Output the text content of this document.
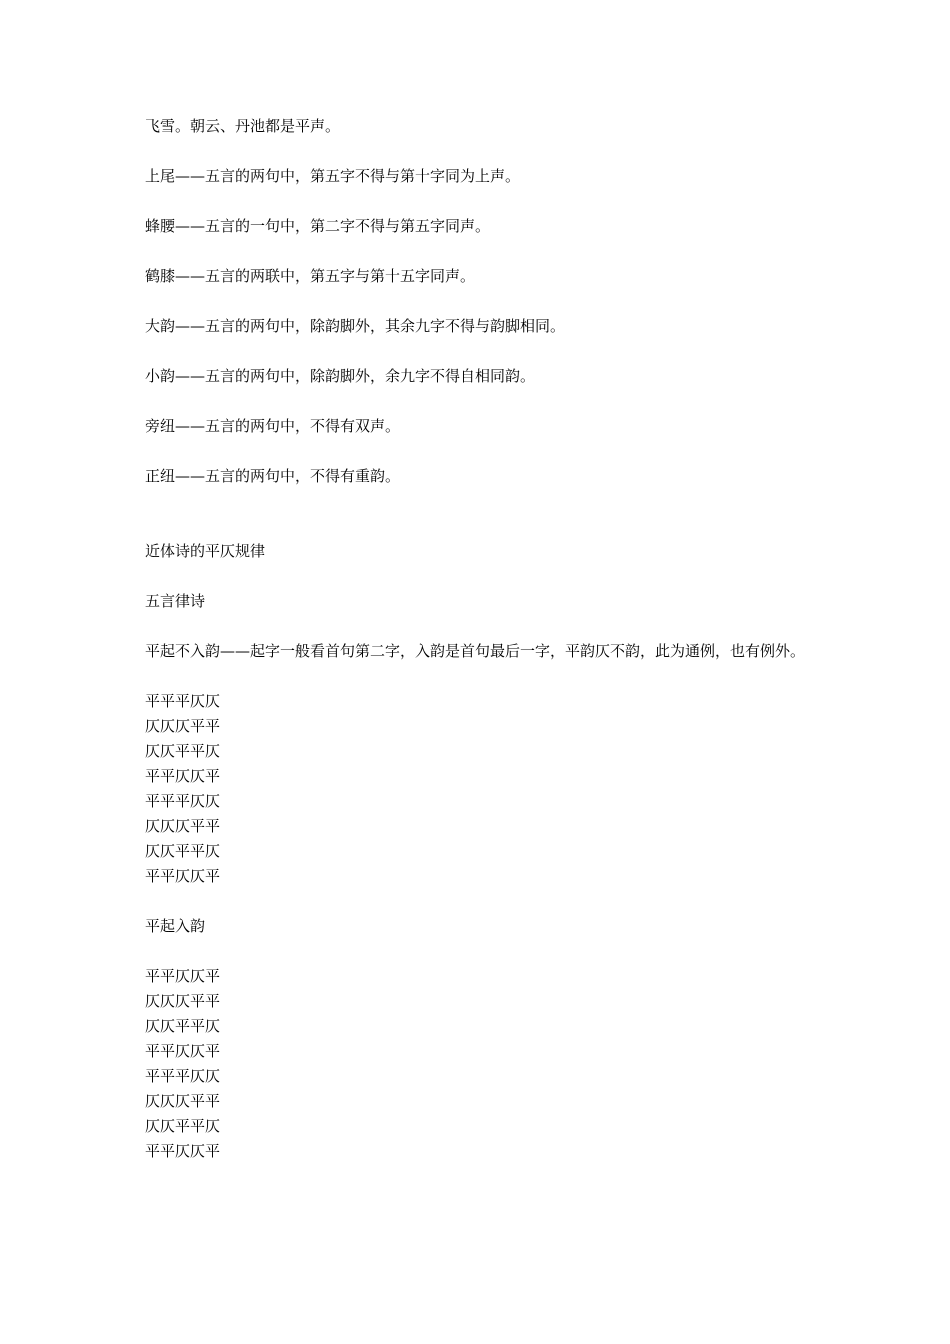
飞雪。朝云、丹池都是平声。

上尾——五言的两句中，第五字不得与第十字同为上声。

蜂腰——五言的一句中，第二字不得与第五字同声。

鹤膝——五言的两联中，第五字与第十五字同声。

大韵——五言的两句中，除韵脚外，其余九字不得与韵脚相同。

小韵——五言的两句中，除韵脚外，余九字不得自相同韵。

旁纽——五言的两句中，不得有双声。

正纽——五言的两句中，不得有重韵。

近体诗的平仄规律

五言律诗

平起不入韵——起字一般看首句第二字，入韵是首句最后一字，平韵仄不韵，此为通例，也有例外。

平平平仄仄

仄仄仄平平

仄仄平平仄

平平仄仄平

平平平仄仄

仄仄仄平平

仄仄平平仄

平平仄仄平

平起入韵

平平仄仄平

仄仄仄平平

仄仄平平仄

平平仄仄平

平平平仄仄

仄仄仄平平

仄仄平平仄

平平仄仄平
